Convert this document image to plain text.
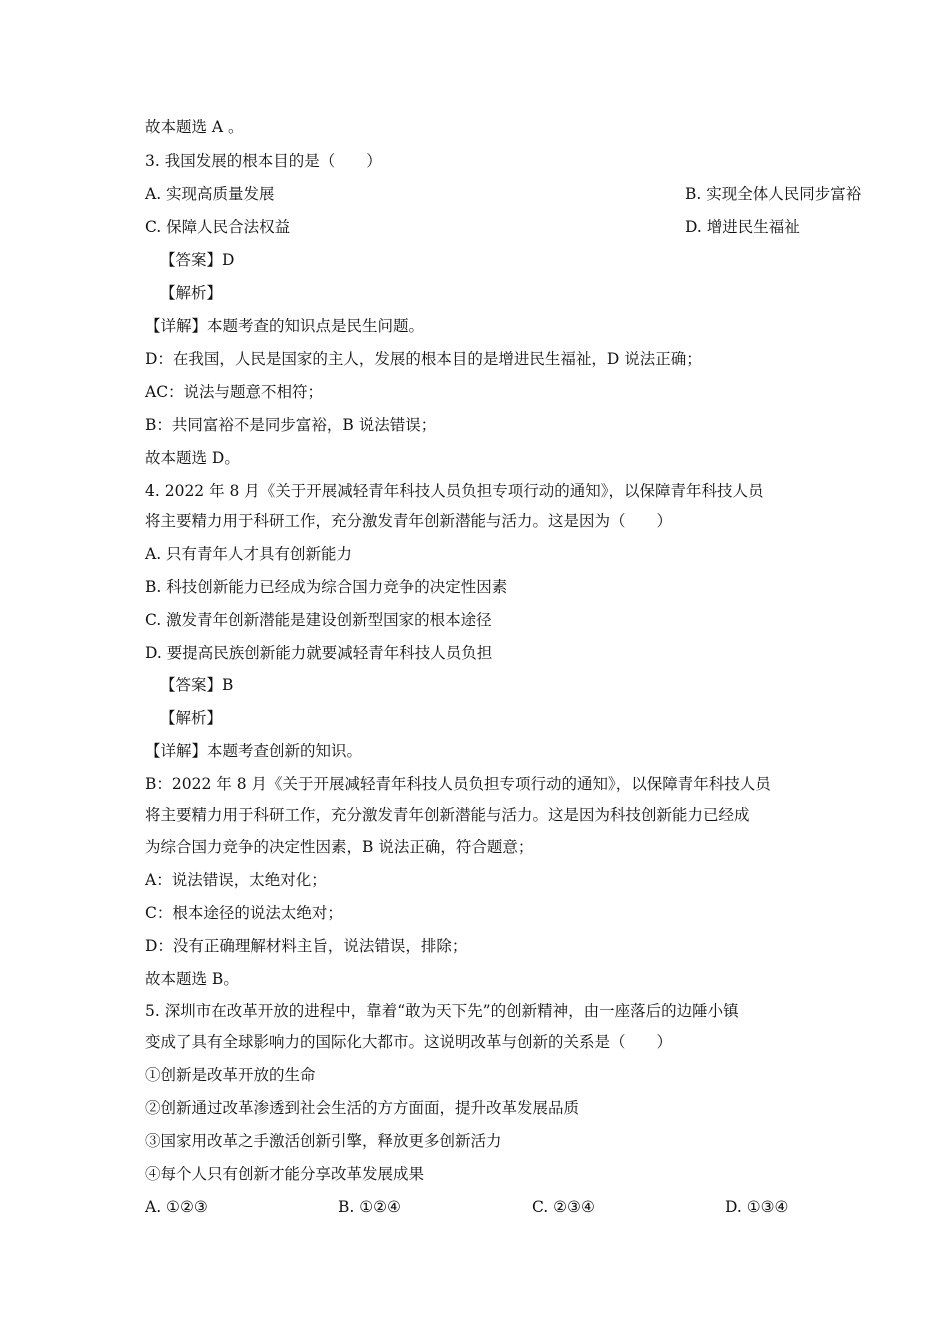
故本题选 A 。
3. 我国发展的根本目的是（　　）
A. 实现高质量发展	B. 实现全体人民同步富裕
C. 保障人民合法权益	D. 增进民生福祉
【答案】D
【解析】
【详解】本题考查的知识点是民生问题。
D：在我国，人民是国家的主人，发展的根本目的是增进民生福祉，D 说法正确；
AC：说法与题意不相符；
B：共同富裕不是同步富裕，B 说法错误；
故本题选 D。
4. 2022 年 8 月《关于开展减轻青年科技人员负担专项行动的通知》，以保障青年科技人员
将主要精力用于科研工作，充分激发青年创新潜能与活力。这是因为（　　）
A. 只有青年人才具有创新能力
B. 科技创新能力已经成为综合国力竞争的决定性因素
C. 激发青年创新潜能是建设创新型国家的根本途径
D. 要提高民族创新能力就要减轻青年科技人员负担
【答案】B
【解析】
【详解】本题考查创新的知识。
B：2022 年 8 月《关于开展减轻青年科技人员负担专项行动的通知》，以保障青年科技人员
将主要精力用于科研工作，充分激发青年创新潜能与活力。这是因为科技创新能力已经成
为综合国力竞争的决定性因素，B 说法正确，符合题意；
A：说法错误，太绝对化；
C：根本途径的说法太绝对；
D：没有正确理解材料主旨，说法错误，排除；
故本题选 B。
5. 深圳市在改革开放的进程中，靠着“敢为天下先”的创新精神，由一座落后的边陲小镇
变成了具有全球影响力的国际化大都市。这说明改革与创新的关系是（　　）
①创新是改革开放的生命
②创新通过改革渗透到社会生活的方方面面，提升改革发展品质
③国家用改革之手激活创新引擎，释放更多创新活力
④每个人只有创新才能分享改革发展成果
A. ①②③	B. ①②④	C. ②③④	D. ①③④
